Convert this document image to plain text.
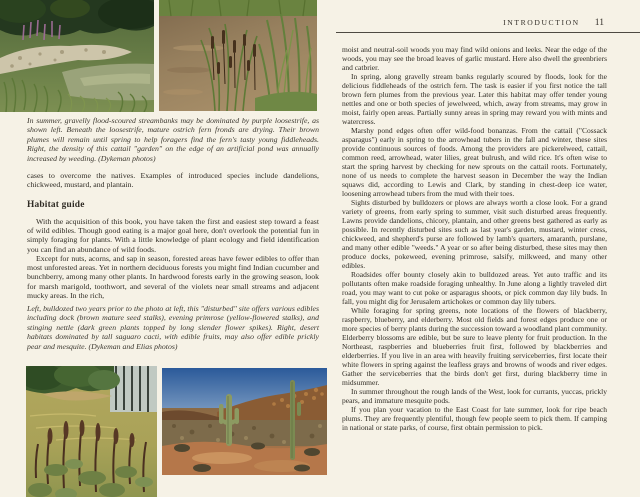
In summer, gravelly flood-scoured streambanks may be dominated by purple loosestrife, as shown left. Beneath the loosestrife, mature ostrich fern fronds are drying. Their brown plumes will remain until spring to help foragers find the fern's tasty young fiddleheads. Right, the density of this cattail "garden" on the edge of an artificial pond was annually increased by weeding. (Dykeman photos)

cases to overcome the natives. Examples of introduced species include dandelions, chickweed, mustard, and plantain.

Habitat guide

With the acquisition of this book, you have taken the first and easiest step toward a feast of wild edibles. Though good eating is a major goal here, don't overlook the potential fun in simply foraging for plants. With a little knowledge of plant ecology and field identification you can find an abundance of wild foods.

Except for nuts, acorns, and sap in season, forested areas have fewer edibles to offer than most unforested areas. Yet in northern deciduous forests you might find Indian cucumber and bunchberry, among many other plants. In hardwood forests early in the growing season, look for marsh marigold, toothwort, and several of the violets near small streams and adjacent mucky areas. In the rich,

Left, bulldozed two years prior to the photo at left, this "disturbed" site offers various edibles including dock (brown mature seed stalks), evening primrose (yellow-flowered stalks), and stinging nettle (dark green plants topped by long slender flower spikes). Right, desert habitats dominated by tall saguaro cacti, with edible fruits, may also offer edible prickly pear and mesquite. (Dykeman and Elias photos)

INTRODUCTION 11

moist and neutral-soil woods you may find wild onions and leeks. Near the edge of the woods, you may see the broad leaves of garlic mustard. Here also dwell the greenbriers and catbrier.

In spring, along gravelly stream banks regularly scoured by floods, look for the delicious fiddleheads of the ostrich fern. The task is easier if you first notice the tall brown fern plumes from the previous year. Later this habitat may offer tender young nettles and one or both species of jewelweed, which, away from streams, may grow in moist, fairly open areas. Partially sunny areas in spring may reward you with mints and watercress.

Marshy pond edges often offer wild-food bonanzas. From the cattail ("Cossack asparagus") early in spring to the arrowhead tubers in the fall and winter, these sites provide continuous sources of foods. Among the providers are pickerelweed, cattail, common reed, arrowhead, water lilies, great bulrush, and wild rice. It's often wise to start the spring harvest by checking for new sprouts on the cattail roots. Fortunately, none of us needs to complete the harvest season in December the way the Indian squaws did, according to Lewis and Clark, by standing in chest-deep ice water, loosening arrowhead tubers from the mud with their toes.

Sights disturbed by bulldozers or plows are always worth a close look. For a grand variety of greens, from early spring to summer, visit such disturbed areas frequently. Lawns provide dandelions, chicory, plantain, and other greens best gathered as early as possible. In recently disturbed sites such as last year's garden, mustard, winter cress, chickweed, and shepherd's purse are followed by lamb's quarters, amaranth, purslane, and many other edible "weeds." A year or so after being disturbed, these sites may then produce docks, pokeweed, evening primrose, salsify, milkweed, and many other edibles.

Roadsides offer bounty closely akin to bulldozed areas. Yet auto traffic and its pollutants often make roadside foraging unhealthy. In June along a lightly traveled dirt road, you may want to cut poke or asparagus shoots, or pick common day lily buds. In fall, you might dig for Jerusalem artichokes or common day lily tubers.

While foraging for spring greens, note locations of the flowers of blackberry, raspberry, blueberry, and elderberry. Most old fields and forest edges produce one or more species of berry plants during the succession toward a woodland plant community. Elderberry blossoms are edible, but be sure to leave plenty for fruit production. In the Northeast, raspberries and blueberries fruit first, followed by blackberries and elderberries. If you live in an area with heavily fruiting serviceberries, first locate their white flowers in spring against the leafless grays and browns of woods and river edges. Gather the serviceberries that the birds don't get first, during blackberry time in midsummer.

In summer throughout the rough lands of the West, look for currants, yuccas, prickly pears, and immature mesquite pods.

If you plan your vacation to the East Coast for late summer, look for ripe beach plums. They are frequently plentiful, though few people seem to pick them. If camping in national or state parks, of course, first obtain permission to pick.
